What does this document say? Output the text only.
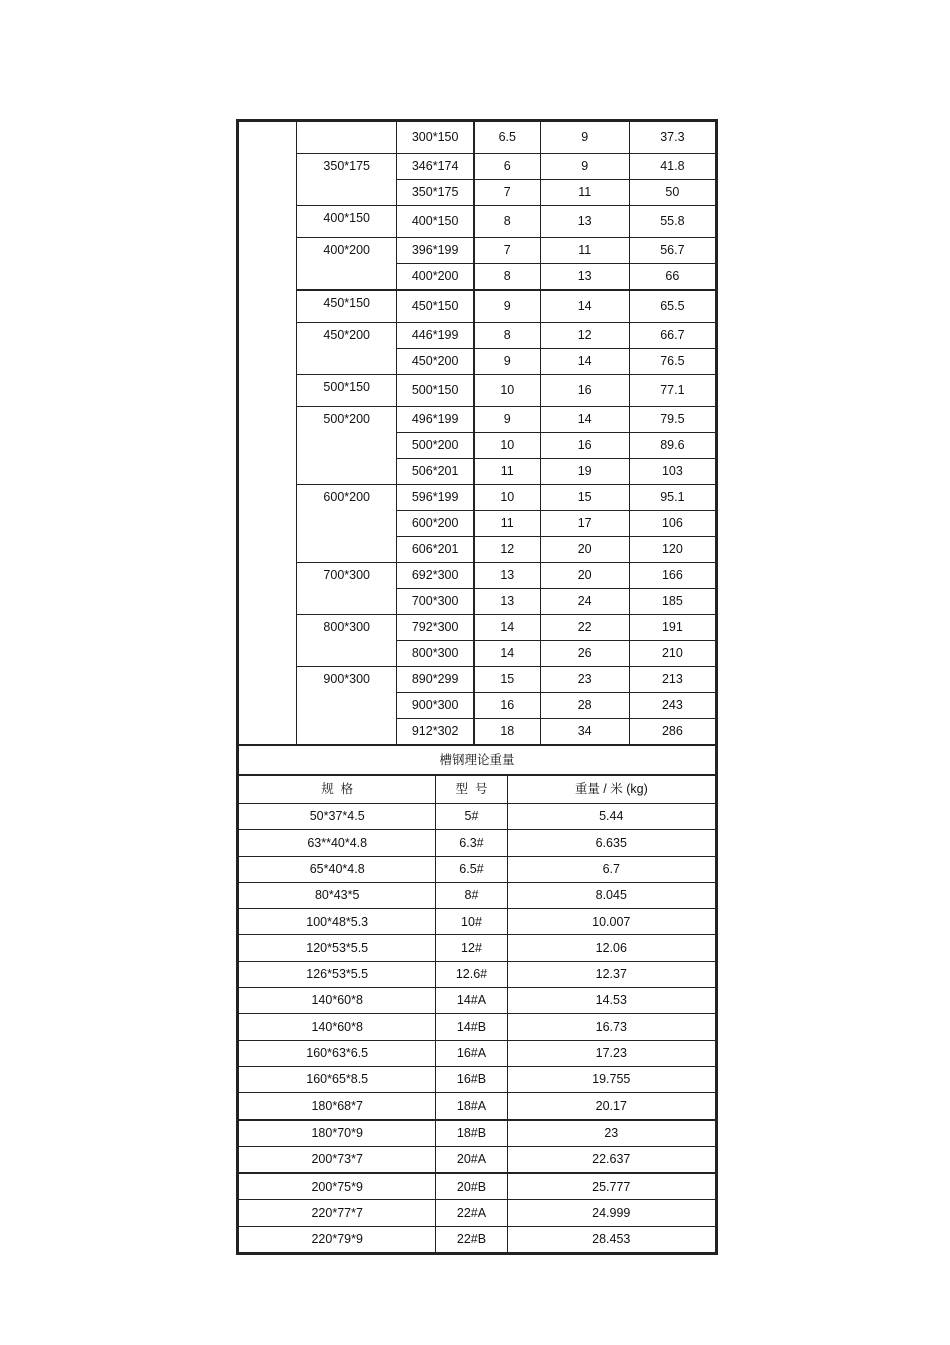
		300*150	6.5	9	37.3
	350*175	346*174	6	9	41.8
		350*175	7	11	50
	400*150	400*150	8	13	55.8
	400*200	396*199	7	11	56.7
		400*200	8	13	66
	450*150	450*150	9	14	65.5
	450*200	446*199	8	12	66.7
		450*200	9	14	76.5
	500*150	500*150	10	16	77.1
	500*200	496*199	9	14	79.5
		500*200	10	16	89.6
		506*201	11	19	103
	600*200	596*199	10	15	95.1
		600*200	11	17	106
		606*201	12	20	120
	700*300	692*300	13	20	166
		700*300	13	24	185
	800*300	792*300	14	22	191
		800*300	14	26	210
	900*300	890*299	15	23	213
		900*300	16	28	243
		912*302	18	34	286
槽钢理论重量
规  格	型  号	重量 / 米 (kg)
50*37*4.5	5#	5.44
63**40*4.8	6.3#	6.635
65*40*4.8	6.5#	6.7
80*43*5	8#	8.045
100*48*5.3	10#	10.007
120*53*5.5	12#	12.06
126*53*5.5	12.6#	12.37
140*60*8	14#A	14.53
140*60*8	14#B	16.73
160*63*6.5	16#A	17.23
160*65*8.5	16#B	19.755
180*68*7	18#A	20.17
180*70*9	18#B	23
200*73*7	20#A	22.637
200*75*9	20#B	25.777
220*77*7	22#A	24.999
220*79*9	22#B	28.453
